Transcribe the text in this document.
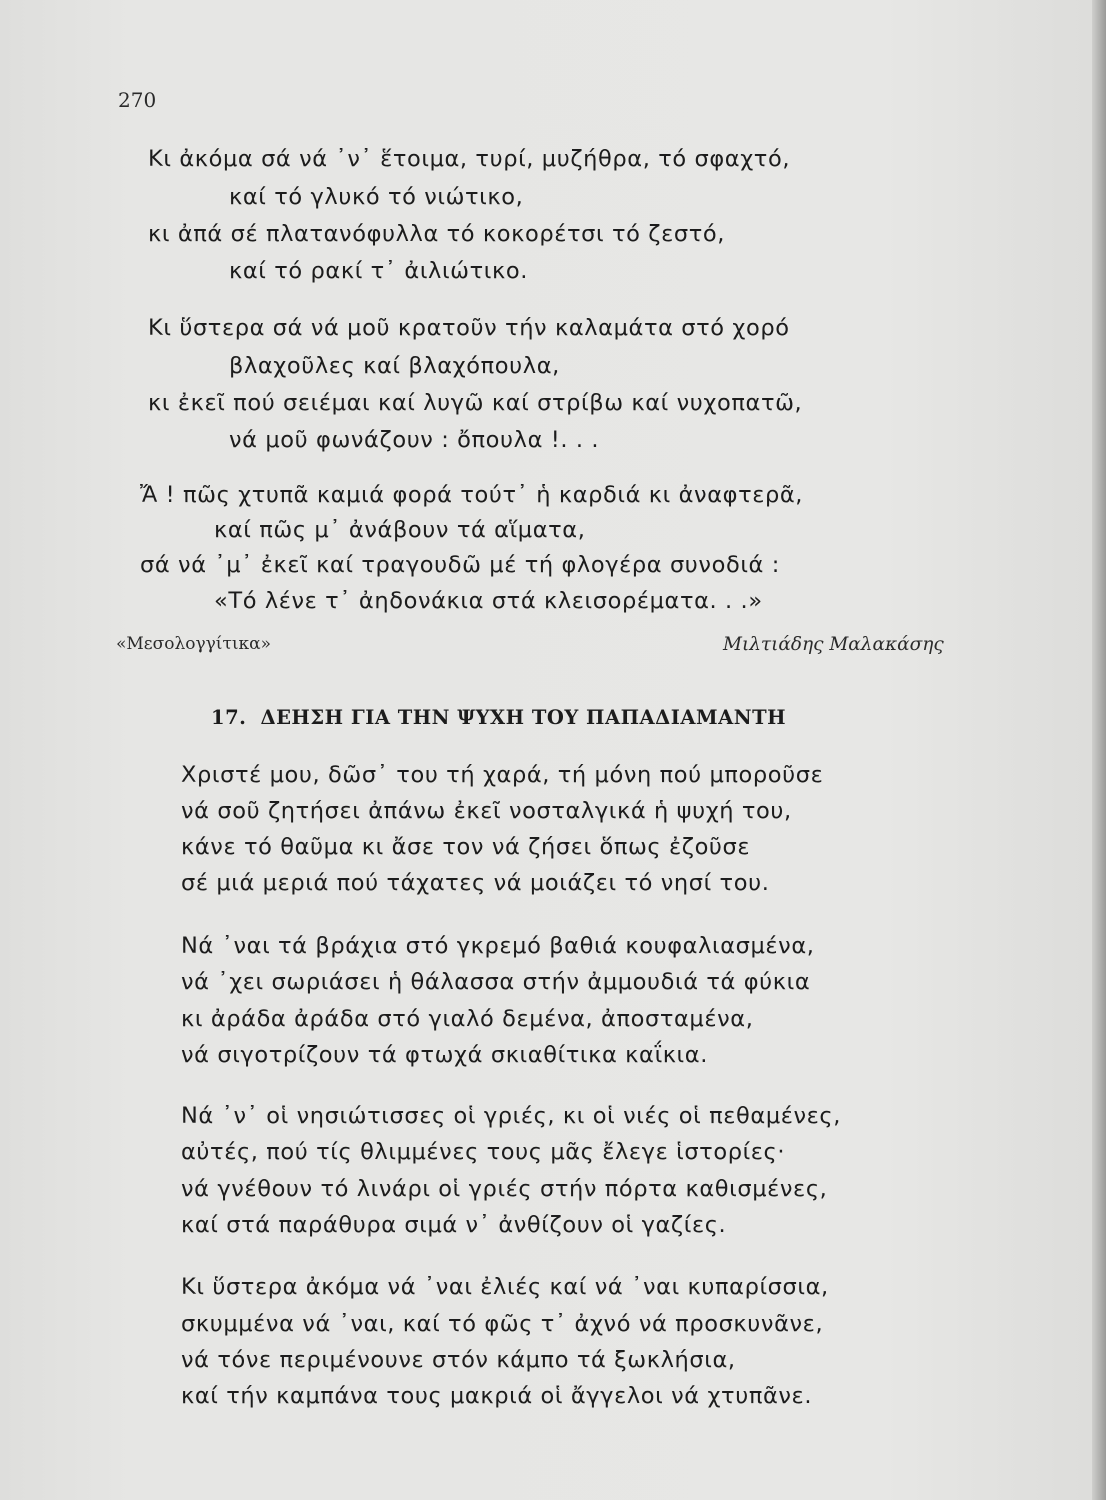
270
Κι ἀκόμα σά νά ᾽ν᾽ ἕτοιμα, τυρί, μυζήθρα, τό σφαχτό,
καί τό γλυκό τό νιώτικο,
κι ἀπά σέ πλατανόφυλλα τό κοκορέτσι τό ζεστό,
καί τό ρακί τ᾽ ἀιλιώτικο.
Κι ὕστερα σά νά μοῦ κρατοῦν τήν καλαμάτα στό χορό
βλαχοῦλες καί βλαχόπουλα,
κι ἐκεῖ πού σειέμαι καί λυγῶ καί στρίβω καί νυχοπατῶ,
νά μοῦ φωνάζουν : ὄπουλα !. . .
Ἄ ! πῶς χτυπᾶ καμιά φορά τούτ᾽ ἡ καρδιά κι ἀναφτερᾶ,
καί πῶς μ᾽ ἀνάβουν τά αἵματα,
σά νά ᾽μ᾽ ἐκεῖ καί τραγουδῶ μέ τή φλογέρα συνοδιά :
«Τό λένε τ᾽ ἀηδονάκια στά κλεισορέματα. . .»
«Μεσολογγίτικα»	Μιλτιάδης Μαλακάσης
17. ΔΕΗΣΗ ΓΙΑ ΤΗΝ ΨΥΧΗ ΤΟΥ ΠΑΠΑΔΙΑΜΑΝΤΗ
Χριστέ μου, δῶσ᾽ του τή χαρά, τή μόνη πού μποροῦσε
νά σοῦ ζητήσει ἀπάνω ἐκεῖ νοσταλγικά ἡ ψυχή του,
κάνε τό θαῦμα κι ἄσε τον νά ζήσει ὅπως ἐζοῦσε
σέ μιά μεριά πού τάχατες νά μοιάζει τό νησί του.
Νά ᾽ναι τά βράχια στό γκρεμό βαθιά κουφαλιασμένα,
νά ᾽χει σωριάσει ἡ θάλασσα στήν ἀμμουδιά τά φύκια
κι ἀράδα ἀράδα στό γιαλό δεμένα, ἀποσταμένα,
νά σιγοτρίζουν τά φτωχά σκιαθίτικα καΐκια.
Νά ᾽ν᾽ οἱ νησιώτισσες οἱ γριές, κι οἱ νιές οἱ πεθαμένες,
αὐτές, πού τίς θλιμμένες τους μᾶς ἔλεγε ἱστορίες·
νά γνέθουν τό λινάρι οἱ γριές στήν πόρτα καθισμένες,
καί στά παράθυρα σιμά ν᾽ ἀνθίζουν οἱ γαζίες.
Κι ὕστερα ἀκόμα νά ᾽ναι ἐλιές καί νά ᾽ναι κυπαρίσσια,
σκυμμένα νά ᾽ναι, καί τό φῶς τ᾽ ἀχνό νά προσκυνᾶνε,
νά τόνε περιμένουνε στόν κάμπο τά ξωκλήσια,
καί τήν καμπάνα τους μακριά οἱ ἄγγελοι νά χτυπᾶνε.
